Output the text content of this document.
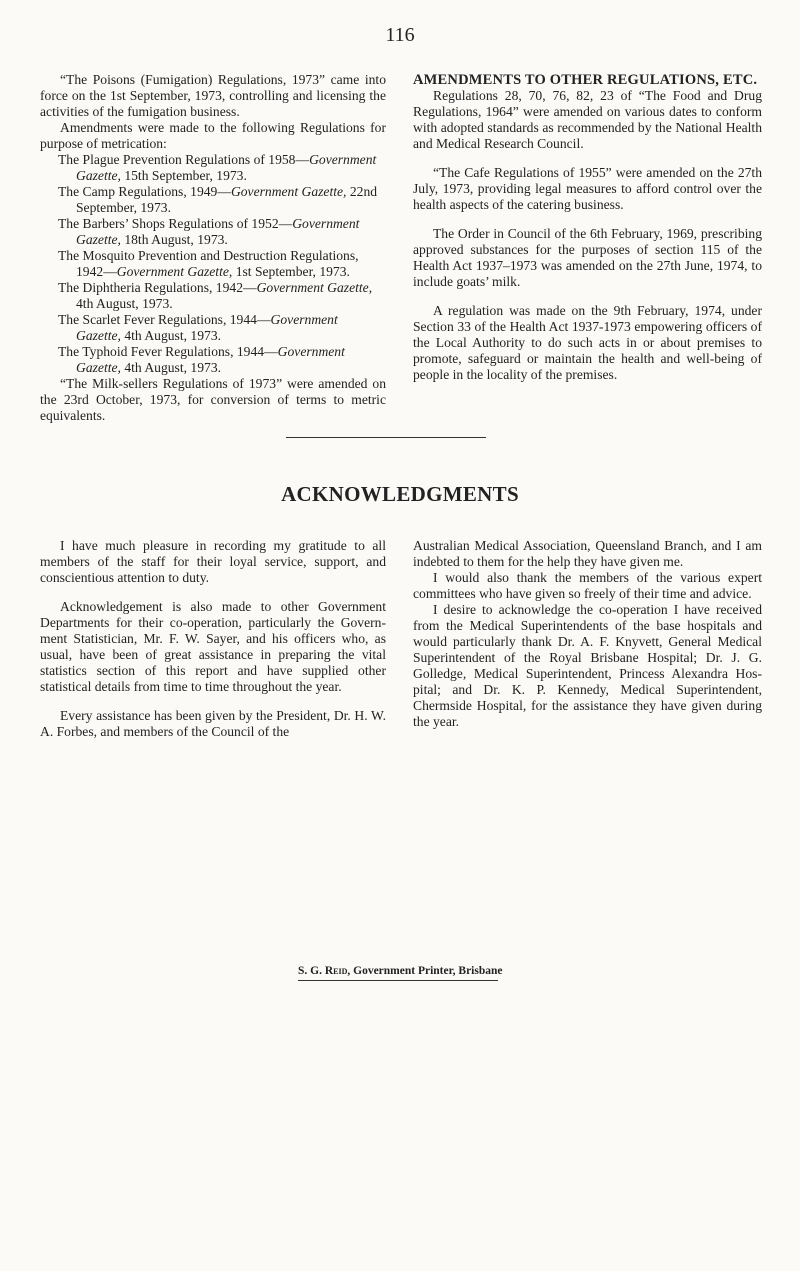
116

“The Poisons (Fumigation) Regulations, 1973” came into force on the 1st September, 1973, controlling and licensing the activities of the fumigation business.

Amendments were made to the following Regulations for purpose of metrication:

The Plague Prevention Regulations of 1958—Government Gazette, 15th September, 1973.

The Camp Regulations, 1949—Government Gazette, 22nd September, 1973.

The Barbers’ Shops Regulations of 1952—Government Gazette, 18th August, 1973.

The Mosquito Prevention and Destruction Regulations, 1942—Government Gazette, 1st September, 1973.

The Diphtheria Regulations, 1942—Government Gazette, 4th August, 1973.

The Scarlet Fever Regulations, 1944—Government Gazette, 4th August, 1973.

The Typhoid Fever Regulations, 1944—Government Gazette, 4th August, 1973.

“The Milk-sellers Regulations of 1973” were amended on the 23rd October, 1973, for conversion of terms to metric equivalents.

AMENDMENTS TO OTHER REGULATIONS, ETC.

Regulations 28, 70, 76, 82, 23 of “The Food and Drug Regulations, 1964” were amended on various dates to conform with adopted standards as recommended by the National Health and Medical Research Council.

“The Cafe Regulations of 1955” were amended on the 27th July, 1973, providing legal measures to afford control over the health aspects of the catering business.

The Order in Council of the 6th February, 1969, prescribing approved substances for the purposes of section 115 of the Health Act 1937–1973 was amended on the 27th June, 1974, to include goats’ milk.

A regulation was made on the 9th February, 1974, under Section 33 of the Health Act 1937-1973 empowering officers of the Local Authority to do such acts in or about premises to promote, safeguard or maintain the health and well-being of people in the locality of the premises.

ACKNOWLEDGMENTS

I have much pleasure in recording my gratitude to all members of the staff for their loyal service, support, and conscientious attention to duty.

Acknowledgement is also made to other Government Departments for their co-operation, particularly the Government Statistician, Mr. F. W. Sayer, and his officers who, as usual, have been of great assistance in preparing the vital statistics section of this report and have supplied other statistical details from time to time throughout the year.

Every assistance has been given by the President, Dr. H. W. A. Forbes, and members of the Council of the

Australian Medical Association, Queensland Branch, and I am indebted to them for the help they have given me.

I would also thank the members of the various expert committees who have given so freely of their time and advice.

I desire to acknowledge the co-operation I have received from the Medical Superintendents of the base hospitals and would particularly thank Dr. A. F. Knyvett, General Medical Superintendent of the Royal Brisbane Hospital; Dr. J. G. Golledge, Medical Superintendent, Princess Alexandra Hospital; and Dr. K. P. Kennedy, Medical Superintendent, Chermside Hospital, for the assistance they have given during the year.

S. G. Reid, Government Printer, Brisbane
